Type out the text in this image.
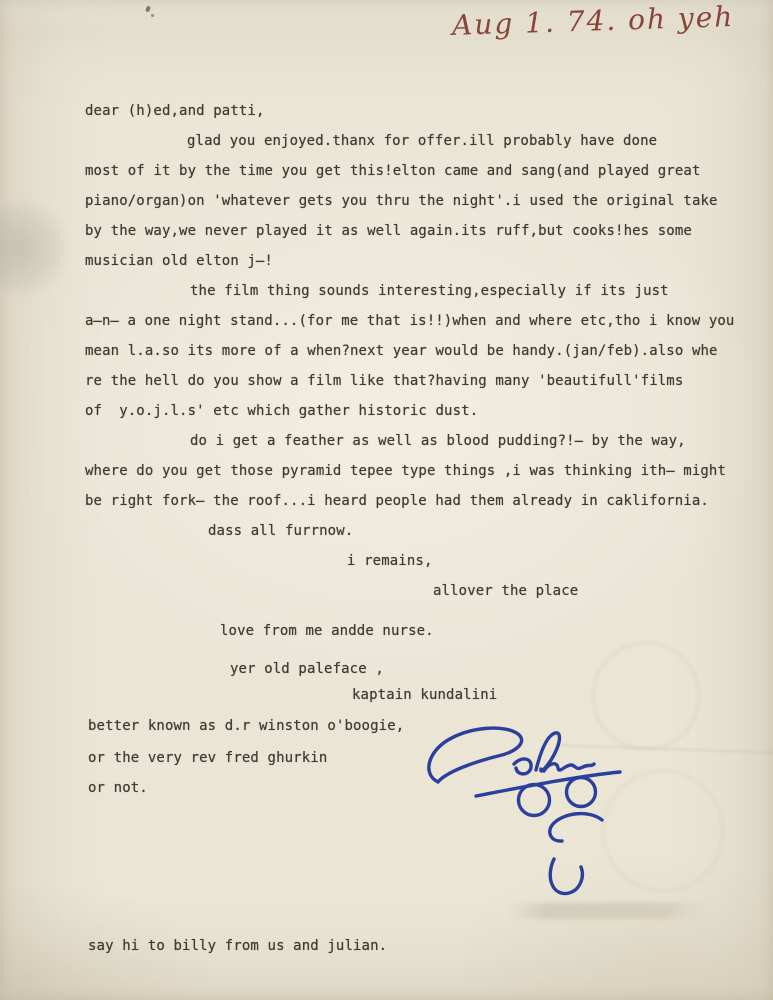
Aug 1. 74. oh yeh
dear (h)ed,and patti,
glad you enjoyed.thanx for offer.ill probably have done
most of it by the time you get this!elton came and sang(and played great
piano/organ)on 'whatever gets you thru the night'.i used the original take
by the way,we never played it as well again.its ruff,but cooks!hes some
musician old elton j̶!
the film thing sounds interesting,especially if its just
a̶n̶ a one night stand...(for me that is!!)when and where etc,tho i know you
mean l.a.so its more of a when?next year would be handy.(jan/feb).also whe
re the hell do you show a film like that?having many 'beautifull'films
of  y.o.j.l.s' etc which gather historic dust.
do i get a feather as well as blood pudding?!̶ by the way,
where do you get those pyramid tepee type things ,i was thinking ith̶ might
be right fork̶ the roof...i heard people had them already in caklifornia.
dass all furrnow.
i remains,
allover the place
love from me andde nurse.
yer old paleface ,
kaptain kundalini
better known as d.r winston o'boogie,
or the very rev fred ghurkin
or not.
say hi to billy from us and julian.
